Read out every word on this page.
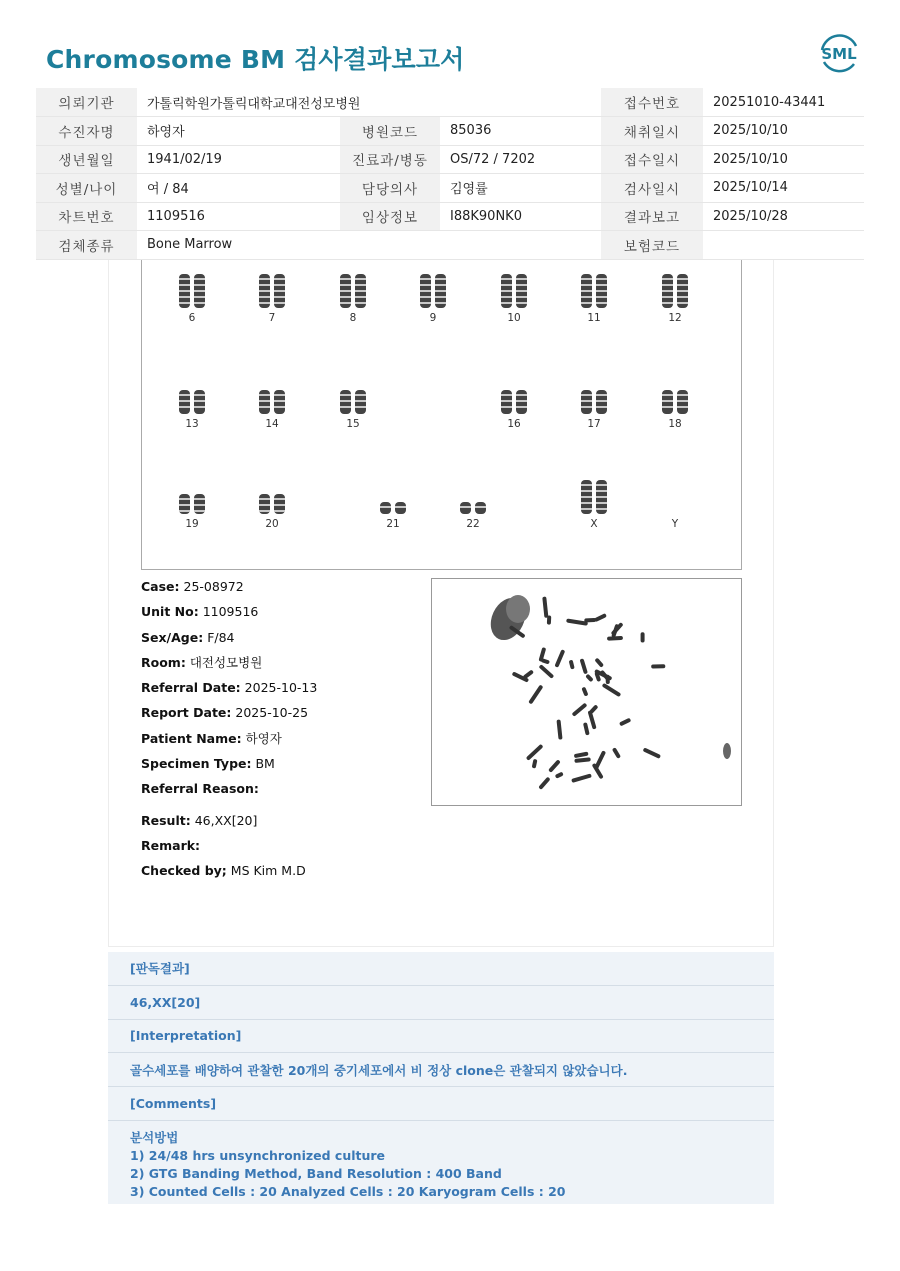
Chromosome BM 검사결과보고서	SML
의뢰기관	가톨릭학원가톨릭대학교대전성모병원			접수번호	20251010-43441
수진자명	하영자	병원코드	85036	채취일시	2025/10/10
생년월일	1941/02/19	진료과/병동	OS/72 / 7202	접수일시	2025/10/10
성별/나이	여 / 84	담당의사	김영률	검사일시	2025/10/14
차트번호	1109516	임상정보	I88K90NK0	결과보고	2025/10/28
검체종류	Bone Marrow			보험코드	
6	7	8	9	10	11	12
13	14	15	16	17	18
19	20	21	22	X	Y
Case: 25-08972
Unit No: 1109516
Sex/Age: F/84
Room: 대전성모병원
Referral Date: 2025-10-13
Report Date: 2025-10-25
Patient Name: 하영자
Specimen Type: BM
Referral Reason:
Result: 46,XX[20]
Remark:
Checked by; MS Kim M.D
[판독결과]
46,XX[20]
[Interpretation]
골수세포를 배양하여 관찰한 20개의 중기세포에서 비 정상 clone은 관찰되지 않았습니다.
[Comments]
분석방법
1) 24/48 hrs unsynchronized culture
2) GTG Banding Method, Band Resolution : 400 Band
3) Counted Cells : 20 Analyzed Cells : 20 Karyogram Cells : 20
